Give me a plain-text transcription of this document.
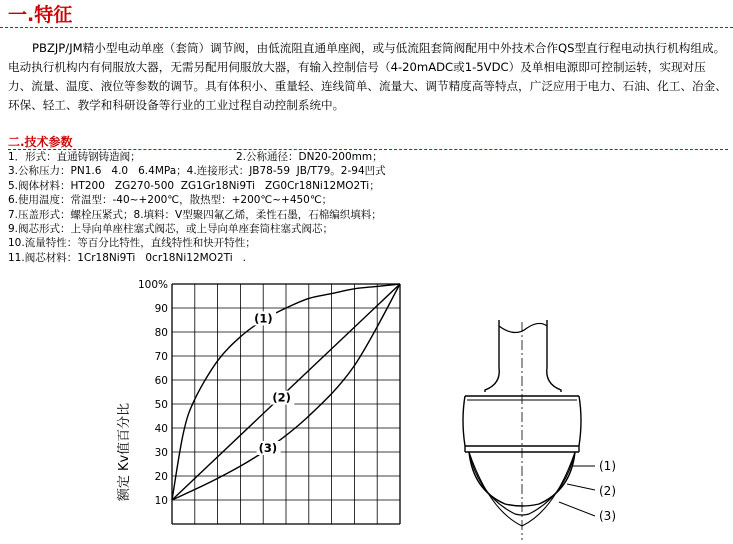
一.特征
PBZJP/JM精小型电动单座（套筒）调节阀，由低流阻直通单座阀，或与低流阻套筒阀配用中外技术合作QS型直行程电动执行机构组成。电动执行机构内有伺服放大器，无需另配用伺服放大器，有输入控制信号（4-20mADC或1-5VDC）及单相电源即可控制运转，实现对压力、流量、温度、液位等参数的调节。具有体积小、重量轻、连线简单、流量大、调节精度高等特点，广泛应用于电力、石油、化工、冶金、环保、轻工、教学和科研设备等行业的工业过程自动控制系统中。
二.技术参数
1．形式：直通铸钢铸造阀；	2.公称通径：DN20-200mm；
3.公称压力：PN1.6   4.0   6.4MPa；4.连接形式：JB78-59  JB/T79。2-94凹式
5.阀体材料：HT200   ZG270-500  ZG1Gr18Ni9Ti   ZG0Cr18Ni12MO2Ti；
6.使用温度：常温型：-40~+200℃，散热型：+200℃~+450℃；
7.压盖形式：螺栓压紧式；8.填料：V型聚四氟乙烯，柔性石墨，石棉编织填料；
9.阀芯形式：上导向单座柱塞式阀芯，或上导向单座套筒柱塞式阀芯；
10.流量特性：等百分比特性，直线特性和快开特性；
11.阀芯材料：1Cr18Ni9Ti   0cr18Ni12MO2Ti   .
额定 Kv值百分比
100%
90
80
70
60
50
40
30
20
10
(1)
(2)
(3)
(1)
(2)
(3)
